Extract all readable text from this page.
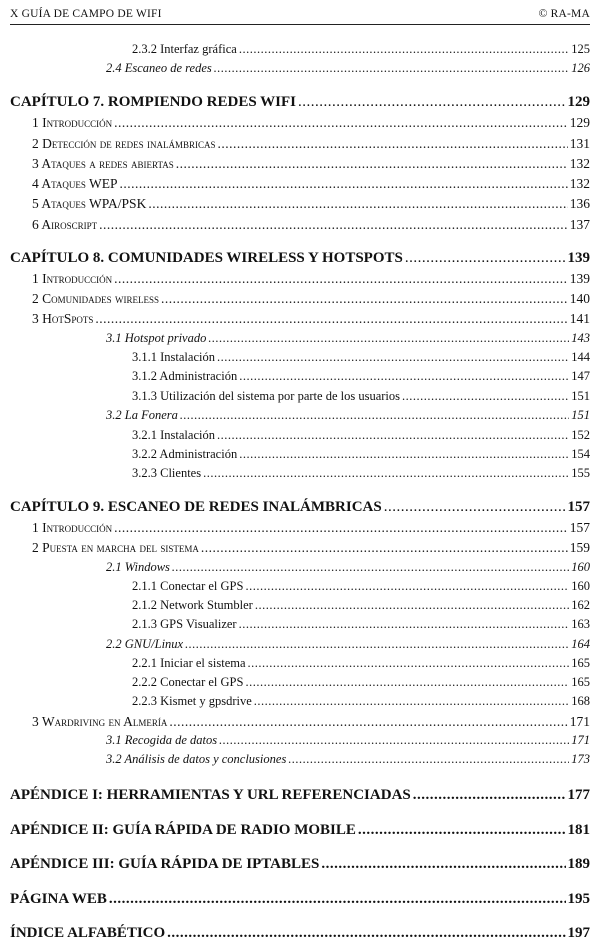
X GUÍA DE CAMPO DE WIFI	© RA-MA
2.3.2 Interfaz gráfica .....	125
2.4 Escaneo de redes .....	126
CAPÍTULO 7. ROMPIENDO REDES WIFI .....	129
1 Introducción .....	129
2 Detección de redes inalámbricas .....	131
3 Ataques a redes abiertas .....	132
4 Ataques WEP .....	132
5 Ataques WPA/PSK .....	136
6 Airoscript .....	137
CAPÍTULO 8. COMUNIDADES WIRELESS Y HOTSPOTS .....	139
1 Introducción .....	139
2 Comunidades wireless .....	140
3 HotSpots .....	141
3.1 Hotspot privado .....	143
3.1.1 Instalación .....	144
3.1.2 Administración .....	147
3.1.3 Utilización del sistema por parte de los usuarios .....	151
3.2 La Fonera .....	151
3.2.1 Instalación .....	152
3.2.2 Administración .....	154
3.2.3 Clientes .....	155
CAPÍTULO 9. ESCANEO DE REDES INALÁMBRICAS .....	157
1 Introducción .....	157
2 Puesta en marcha del sistema .....	159
2.1 Windows .....	160
2.1.1 Conectar el GPS .....	160
2.1.2 Network Stumbler .....	162
2.1.3 GPS Visualizer .....	163
2.2 GNU/Linux .....	164
2.2.1 Iniciar el sistema .....	165
2.2.2 Conectar el GPS .....	165
2.2.3 Kismet y gpsdrive .....	168
3 Wardriving en Almería .....	171
3.1 Recogida de datos .....	171
3.2 Análisis de datos y conclusiones .....	173
APÉNDICE I: HERRAMIENTAS Y URL REFERENCIADAS .....	177
APÉNDICE II: GUÍA RÁPIDA DE RADIO MOBILE .....	181
APÉNDICE III: GUÍA RÁPIDA DE IPTABLES .....	189
PÁGINA WEB .....	195
ÍNDICE ALFABÉTICO .....	197
